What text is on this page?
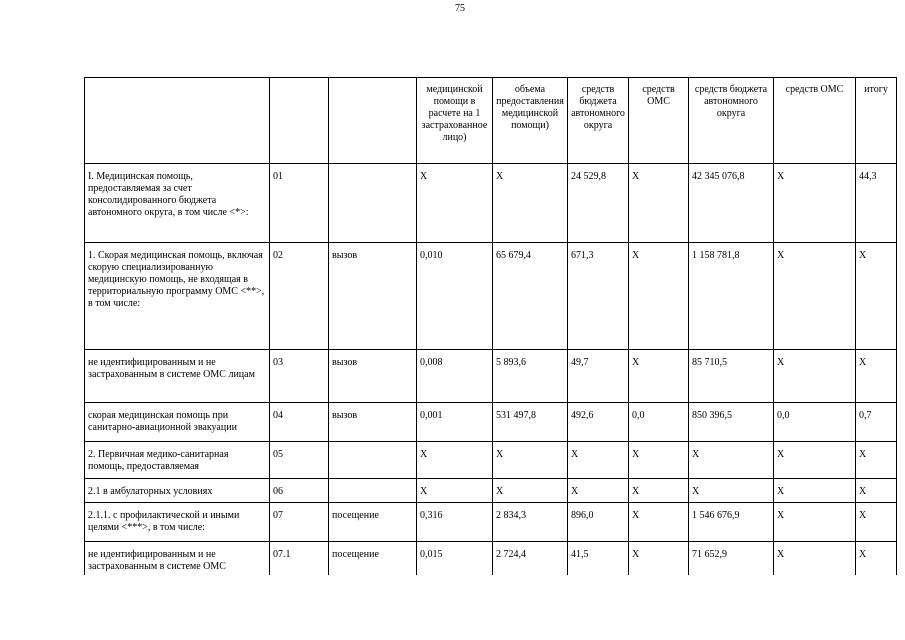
75
			медицинской помощи в расчете на 1 застрахованное лицо)	объема предоставления медицинской помощи)	средств бюджета автономного округа	средств ОМС	средств бюджета автономного округа	средств ОМС	итогу
I. Медицинская помощь, предоставляемая за счет консолидированного бюджета автономного округа, в том числе <*>:	01		X	X	24 529,8	X	42 345 076,8	X	44,3
1. Скорая медицинская помощь, включая скорую специализированную медицинскую помощь, не входящая в территориальную программу ОМС <**>, в том числе:	02	вызов	0,010	65 679,4	671,3	X	1 158 781,8	X	X
не идентифицированным и не застрахованным в системе ОМС лицам	03	вызов	0,008	5 893,6	49,7	X	85 710,5	X	X
скорая медицинская помощь при санитарно-авиационной эвакуации	04	вызов	0,001	531 497,8	492,6	0,0	850 396,5	0,0	0,7
2. Первичная медико-санитарная помощь, предоставляемая	05		X	X	X	X	X	X	X
2.1 в амбулаторных условиях	06		X	X	X	X	X	X	X
2.1.1. с профилактической и иными целями <***>, в том числе:	07	посещение	0,316	2 834,3	896,0	X	1 546 676,9	X	X

не идентифицированным и не застрахованным в системе ОМС	07.1	посещение	0,015	2 724,4	41,5	X	71 652,9	X	X
